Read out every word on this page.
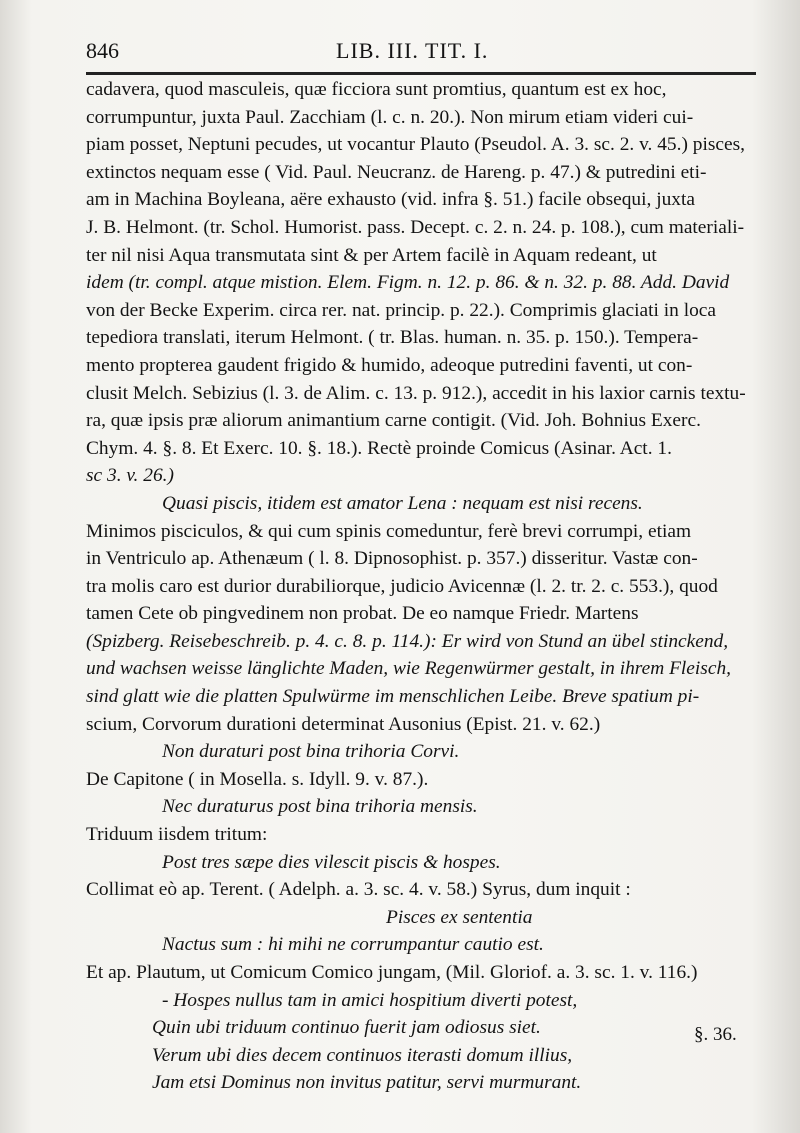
846	LIB. III. TIT. I.
cadavera, quod masculeis, quæ ficciora sunt promtius, quantum est ex hoc,
corrumpuntur, juxta Paul. Zacchiam (l. c. n. 20.). Non mirum etiam videri cui-
piam posset, Neptuni pecudes, ut vocantur Plauto (Pseudol. A. 3. sc. 2. v. 45.) pisces,
extinctos nequam esse ( Vid. Paul. Neucranz. de Hareng. p. 47.) & putredini eti-
am in Machina Boyleana, aëre exhausto (vid. infra §. 51.) facile obsequi, juxta
J. B. Helmont. (tr. Schol. Humorist. pass. Decept. c. 2. n. 24. p. 108.), cum materiali-
ter nil nisi Aqua transmutata sint & per Artem facilè in Aquam redeant, ut
idem (tr. compl. atque mistion. Elem. Figm. n. 12. p. 86. & n. 32. p. 88. Add. David
von der Becke Experim. circa rer. nat. princip. p. 22.). Comprimis glaciati in loca
tepediora translati, iterum Helmont. ( tr. Blas. human. n. 35. p. 150.). Tempera-
mento propterea gaudent frigido & humido, adeoque putredini faventi, ut con-
clusit Melch. Sebizius (l. 3. de Alim. c. 13. p. 912.), accedit in his laxior carnis textu-
ra, quæ ipsis præ aliorum animantium carne contigit. (Vid. Joh. Bohnius Exerc.
Chym. 4. §. 8. Et Exerc. 10. §. 18.). Rectè proinde Comicus (Asinar. Act. 1.
sc 3. v. 26.)
Quasi piscis, itidem est amator Lena : nequam est nisi recens.
Minimos pisciculos, & qui cum spinis comeduntur, ferè brevi corrumpi, etiam
in Ventriculo ap. Athenæum ( l. 8. Dipnosophist. p. 357.) disseritur. Vastæ con-
tra molis caro est durior durabiliorque, judicio Avicennæ (l. 2. tr. 2. c. 553.), quod
tamen Cete ob pingvedinem non probat. De eo namque Friedr. Martens
(Spizberg. Reisebeschreib. p. 4. c. 8. p. 114.): Er wird von Stund an übel stinckend,
und wachsen weisse länglichte Maden, wie Regenwürmer gestalt, in ihrem Fleisch,
sind glatt wie die platten Spulwürme im menschlichen Leibe. Breve spatium pi-
scium, Corvorum durationi determinat Ausonius (Epist. 21. v. 62.)
Non duraturi post bina trihoria Corvi.
De Capitone ( in Mosella. s. Idyll. 9. v. 87.).
Nec duraturus post bina trihoria mensis.
Triduum iisdem tritum:
Post tres sæpe dies vilescit piscis & hospes.
Collimat eò ap. Terent. ( Adelph. a. 3. sc. 4. v. 58.) Syrus, dum inquit :
Pisces ex sententia
Nactus sum : hi mihi ne corrumpantur cautio est.
Et ap. Plautum, ut Comicum Comico jungam, (Mil. Gloriof. a. 3. sc. 1. v. 116.)
- Hospes nullus tam in amici hospitium diverti potest,
Quin ubi triduum continuo fuerit jam odiosus siet.
Verum ubi dies decem continuos iterasti domum illius,
Jam etsi Dominus non invitus patitur, servi murmurant.
§. 36.
